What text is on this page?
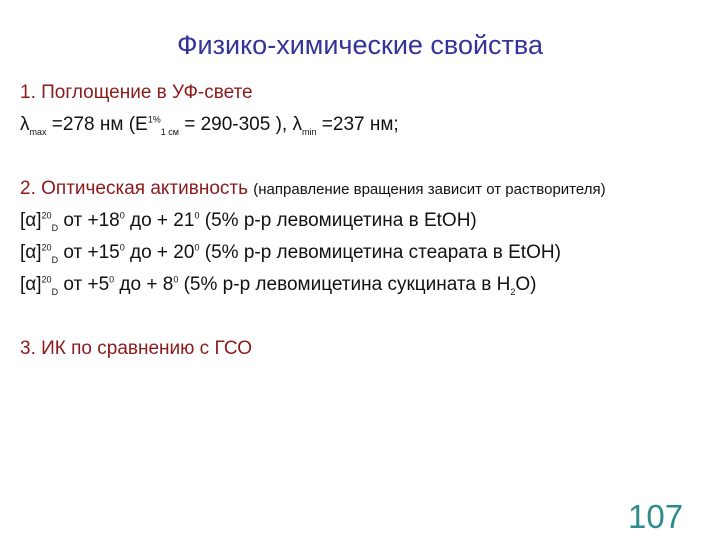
Физико-химические свойства
1. Поглощение в УФ-свете
$\lambda_{max} =278$ нм ($Е^{1\%}_{1 см} = 290-305$ ), $\lambda_{min} =237$ нм;
2. Оптическая активность (направление вращения зависит от растворителя)
$[\alpha]^{20}_D$ от $+18^0$ до + $21^0$ (5% р-р левомицетина в EtOH)
$[\alpha]^{20}_D$ от $+15^0$ до + $20^0$ (5% р-р левомицетина стеарата в EtOH)
$[\alpha]^{20}_D$ от $+5^0$ до + $8^0$ (5% р-р левомицетина сукцината в $Н_2О$)
3. ИК по сравнению с ГСО
107
